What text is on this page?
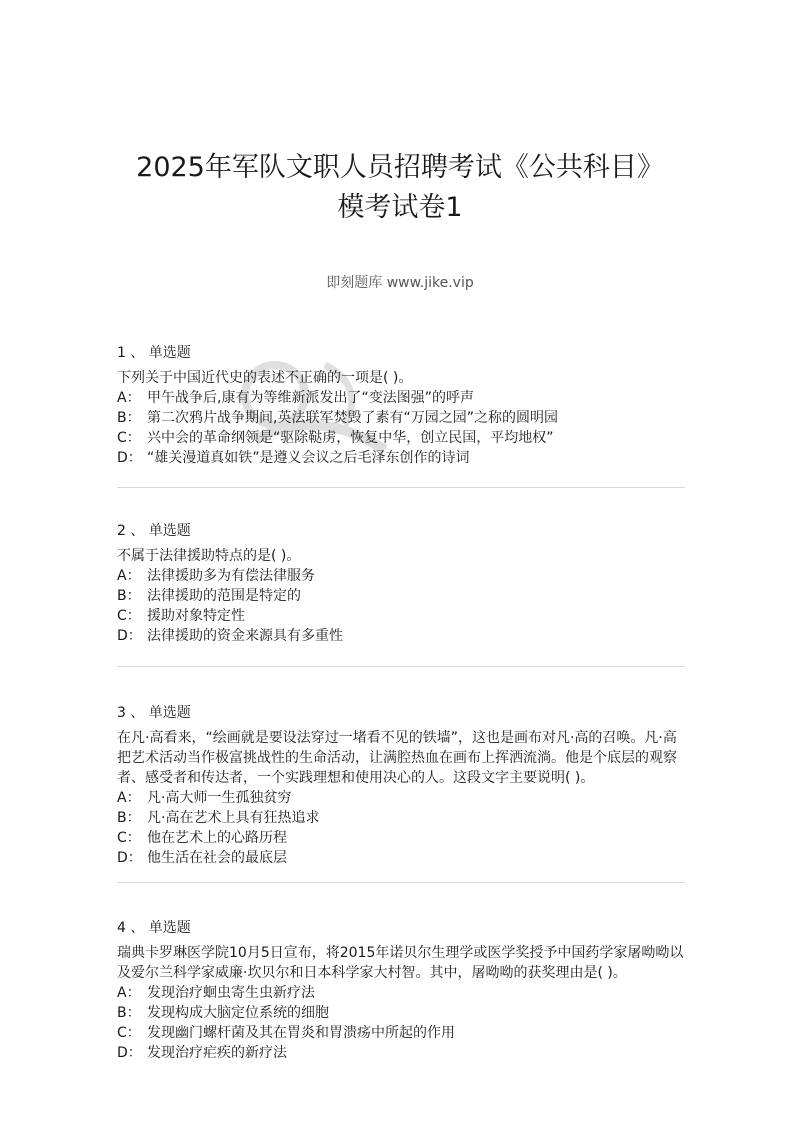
2025年军队文职人员招聘考试《公共科目》
模考试卷1
即刻题库 www.jike.vip
1 、 单选题
下列关于中国近代史的表述不正确的一项是( )。
A： 甲午战争后,康有为等维新派发出了“变法图强”的呼声
B： 第二次鸦片战争期间,英法联军焚毁了素有“万园之园”之称的圆明园
C： 兴中会的革命纲领是“驱除鞑虏，恢复中华，创立民国，平均地权”
D： “雄关漫道真如铁”是遵义会议之后毛泽东创作的诗词
2 、 单选题
不属于法律援助特点的是( )。
A： 法律援助多为有偿法律服务
B： 法律援助的范围是特定的
C： 援助对象特定性
D： 法律援助的资金来源具有多重性
3 、 单选题
在凡·高看来，“绘画就是要设法穿过一堵看不见的铁墙”，这也是画布对凡·高的召唤。凡·高把艺术活动当作极富挑战性的生命活动，让满腔热血在画布上挥洒流淌。他是个底层的观察者、感受者和传达者，一个实践理想和使用决心的人。这段文字主要说明( )。
A： 凡·高大师一生孤独贫穷
B： 凡·高在艺术上具有狂热追求
C： 他在艺术上的心路历程
D： 他生活在社会的最底层
4 、 单选题
瑞典卡罗琳医学院10月5日宣布，将2015年诺贝尔生理学或医学奖授予中国药学家屠呦呦以及爱尔兰科学家威廉·坎贝尔和日本科学家大村智。其中，屠呦呦的获奖理由是( )。
A： 发现治疗蛔虫寄生虫新疗法
B： 发现构成大脑定位系统的细胞
C： 发现幽门螺杆菌及其在胃炎和胃溃疡中所起的作用
D： 发现治疗疟疾的新疗法
